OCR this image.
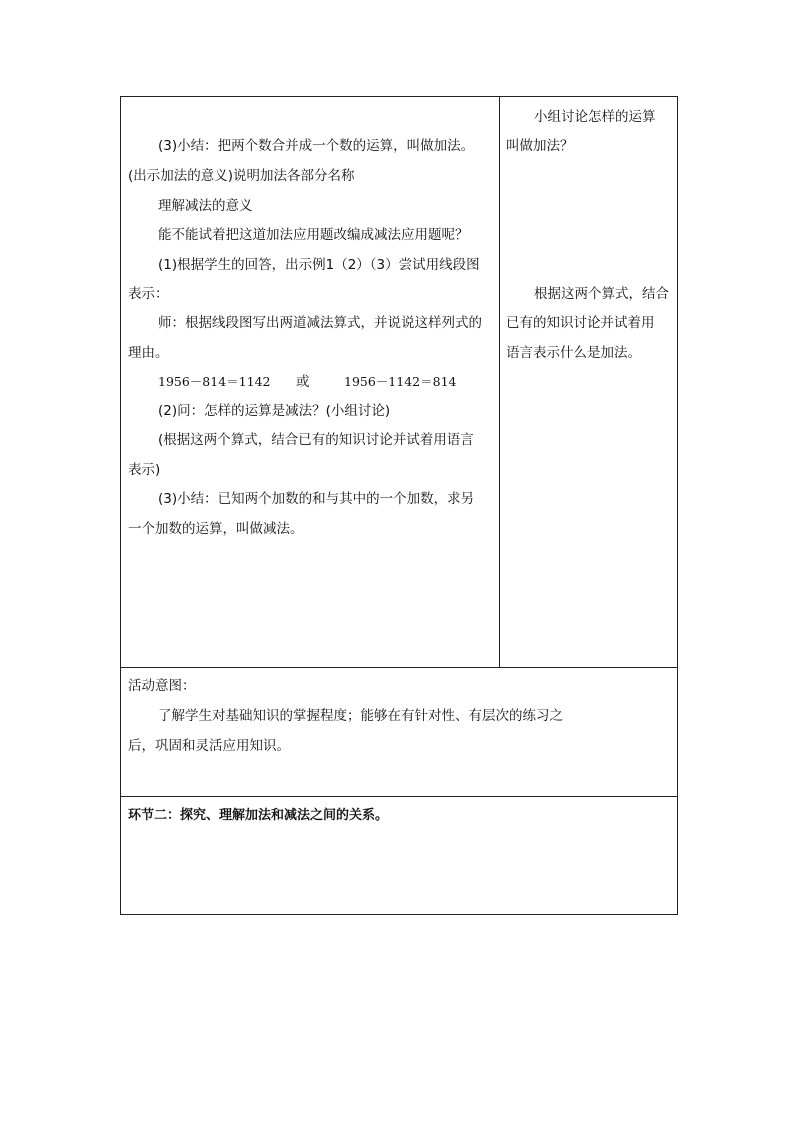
(3)小结：把两个数合并成一个数的运算，叫做加法。
(出示加法的意义)说明加法各部分名称
理解减法的意义
能不能试着把这道加法应用题改编成减法应用题呢？
(1)根据学生的回答，出示例1（2）（3）尝试用线段图
表示：
师：根据线段图写出两道减法算式，并说说这样列式的
理由。
1956－814＝1142 或	1956－1142＝814
(2)问：怎样的运算是减法？(小组讨论)
(根据这两个算式，结合已有的知识讨论并试着用语言
表示)
(3)小结：已知两个加数的和与其中的一个加数，求另
一个加数的运算，叫做减法。
小组讨论怎样的运算
叫做加法？
根据这两个算式，结合
已有的知识讨论并试着用
语言表示什么是加法。
活动意图：
了解学生对基础知识的掌握程度；能够在有针对性、有层次的练习之
后，巩固和灵活应用知识。
环节二：探究、理解加法和减法之间的关系。
